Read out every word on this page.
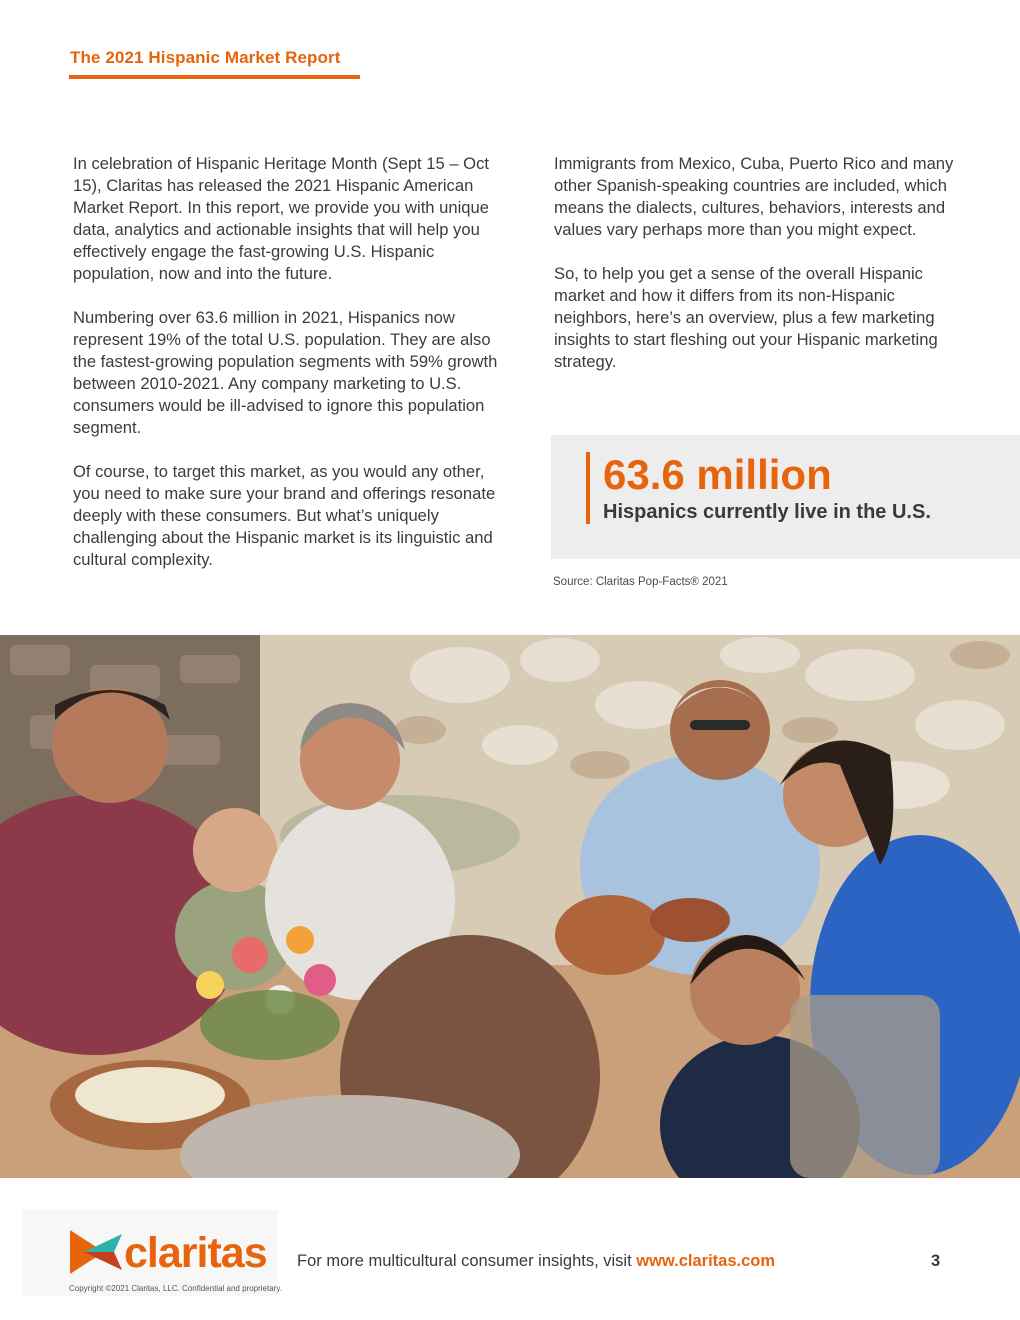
The 2021 Hispanic Market Report

In celebration of Hispanic Heritage Month (Sept 15 – Oct 15), Claritas has released the 2021 Hispanic American Market Report. In this report, we provide you with unique data, analytics and actionable insights that will help you effectively engage the fast-growing U.S. Hispanic population, now and into the future.

Numbering over 63.6 million in 2021, Hispanics now represent 19% of the total U.S. population. They are also the fastest-growing population segments with 59% growth between 2010-2021. Any company marketing to U.S. consumers would be ill-advised to ignore this population segment.

Of course, to target this market, as you would any other, you need to make sure your brand and offerings resonate deeply with these consumers. But what’s uniquely challenging about the Hispanic market is its linguistic and cultural complexity.

Immigrants from Mexico, Cuba, Puerto Rico and many other Spanish-speaking countries are included, which means the dialects, cultures, behaviors, interests and values vary perhaps more than you might expect.

So, to help you get a sense of the overall Hispanic market and how it differs from its non-Hispanic neighbors, here’s an overview, plus a few marketing insights to start fleshing out your Hispanic marketing strategy.

63.6 million
Hispanics currently live in the U.S.
Source: Claritas Pop-Facts® 2021
claritas
Copyright ©2021 Claritas, LLC. Confidential and proprietary.
For more multicultural consumer insights, visit www.claritas.com	3
